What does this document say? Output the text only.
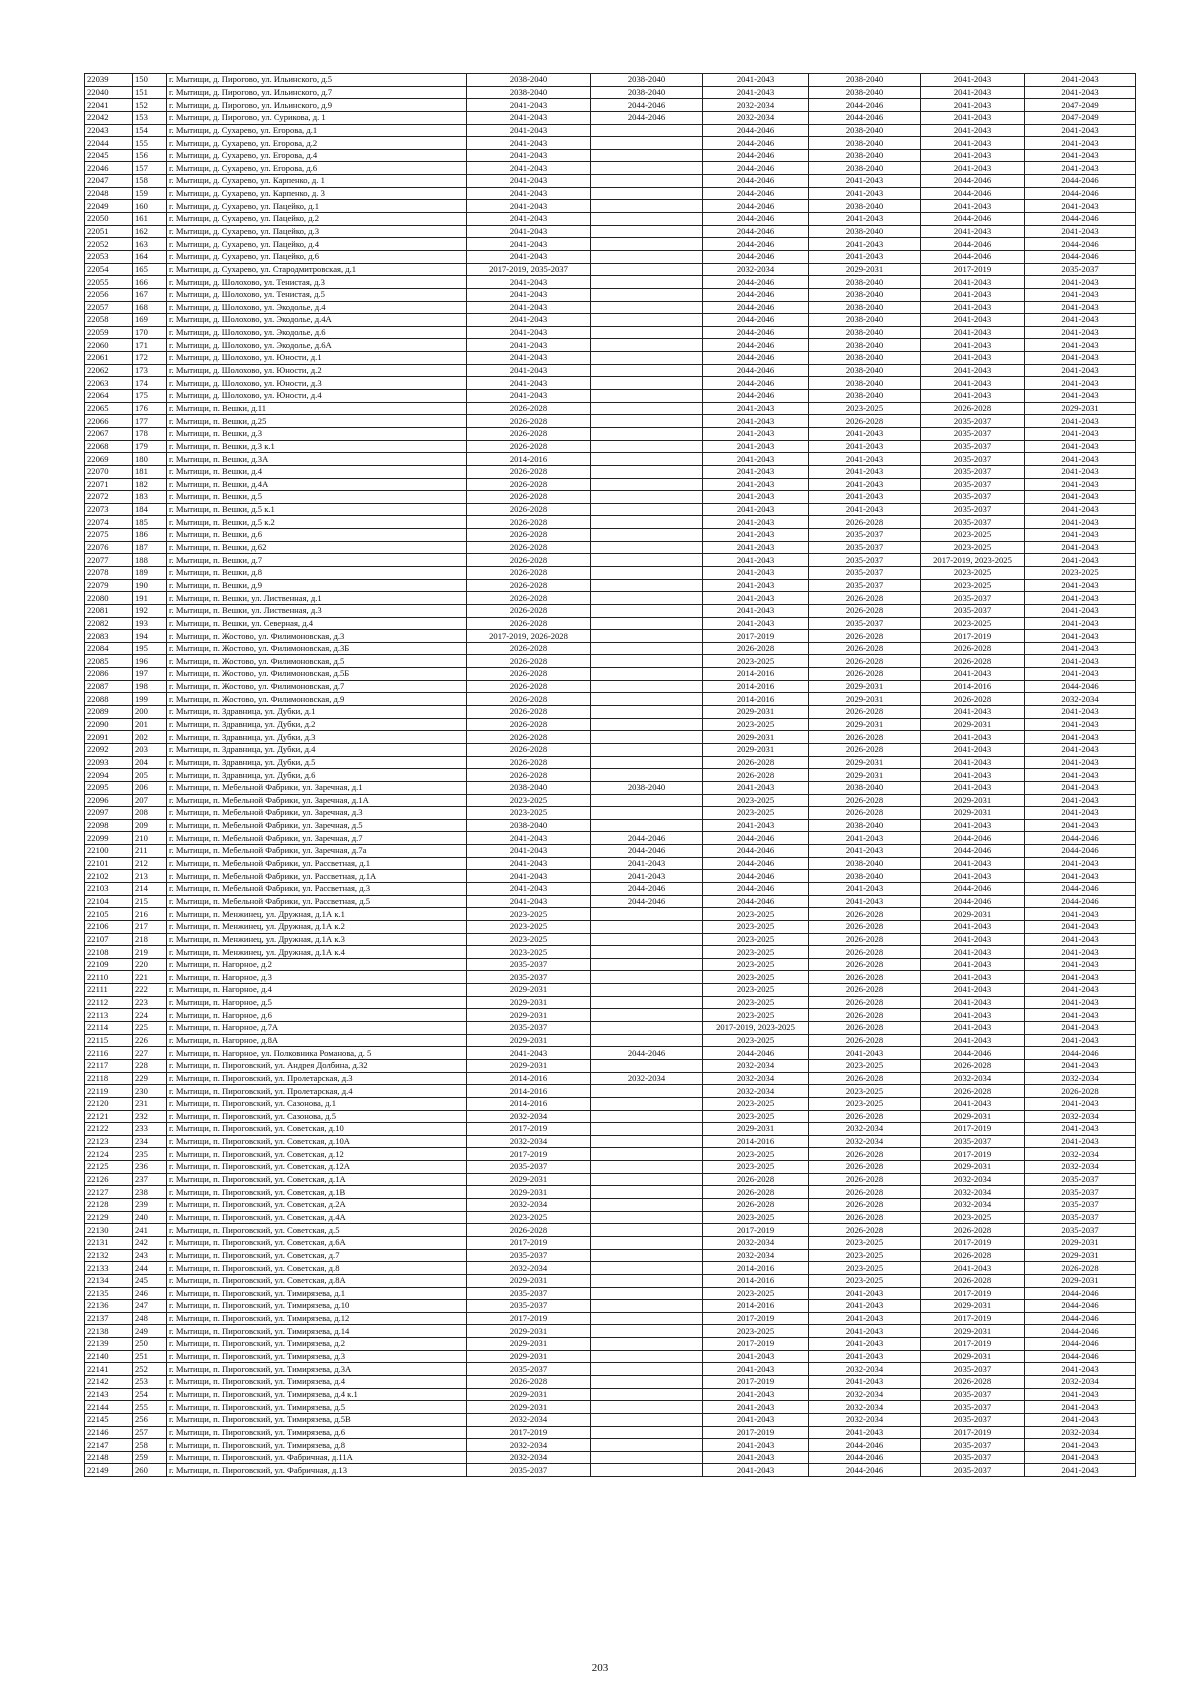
22039	150	г. Мытищи, д. Пирогово, ул. Ильинского, д.5	2038-2040	2038-2040	2041-2043	2038-2040	2041-2043	2041-2043
22040	151	г. Мытищи, д. Пирогово, ул. Ильинского, д.7	2038-2040	2038-2040	2041-2043	2038-2040	2041-2043	2041-2043
22041	152	г. Мытищи, д. Пирогово, ул. Ильинского, д.9	2041-2043	2044-2046	2032-2034	2044-2046	2041-2043	2047-2049
22042	153	г. Мытищи, д. Пирогово, ул. Сурикова, д. 1	2041-2043	2044-2046	2032-2034	2044-2046	2041-2043	2047-2049
22043	154	г. Мытищи, д. Сухарево, ул. Егорова, д.1	2041-2043		2044-2046	2038-2040	2041-2043	2041-2043
22044	155	г. Мытищи, д. Сухарево, ул. Егорова, д.2	2041-2043		2044-2046	2038-2040	2041-2043	2041-2043
22045	156	г. Мытищи, д. Сухарево, ул. Егорова, д.4	2041-2043		2044-2046	2038-2040	2041-2043	2041-2043
22046	157	г. Мытищи, д. Сухарево, ул. Егорова, д.6	2041-2043		2044-2046	2038-2040	2041-2043	2041-2043
22047	158	г. Мытищи, д. Сухарево, ул. Карпенко, д. 1	2041-2043		2044-2046	2041-2043	2044-2046	2044-2046
22048	159	г. Мытищи, д. Сухарево, ул. Карпенко, д. 3	2041-2043		2044-2046	2041-2043	2044-2046	2044-2046
22049	160	г. Мытищи, д. Сухарево, ул. Пацейко, д.1	2041-2043		2044-2046	2038-2040	2041-2043	2041-2043
22050	161	г. Мытищи, д. Сухарево, ул. Пацейко, д.2	2041-2043		2044-2046	2041-2043	2044-2046	2044-2046
22051	162	г. Мытищи, д. Сухарево, ул. Пацейко, д.3	2041-2043		2044-2046	2038-2040	2041-2043	2041-2043
22052	163	г. Мытищи, д. Сухарево, ул. Пацейко, д.4	2041-2043		2044-2046	2041-2043	2044-2046	2044-2046
22053	164	г. Мытищи, д. Сухарево, ул. Пацейко, д.6	2041-2043		2044-2046	2041-2043	2044-2046	2044-2046
22054	165	г. Мытищи, д. Сухарево, ул. Стародмитровская, д.1	2017-2019, 2035-2037		2032-2034	2029-2031	2017-2019	2035-2037
22055	166	г. Мытищи, д. Шолохово, ул. Тенистая, д.3	2041-2043		2044-2046	2038-2040	2041-2043	2041-2043
22056	167	г. Мытищи, д. Шолохово, ул. Тенистая, д.5	2041-2043		2044-2046	2038-2040	2041-2043	2041-2043
22057	168	г. Мытищи, д. Шолохово, ул. Экодолье, д.4	2041-2043		2044-2046	2038-2040	2041-2043	2041-2043
22058	169	г. Мытищи, д. Шолохово, ул. Экодолье, д.4А	2041-2043		2044-2046	2038-2040	2041-2043	2041-2043
22059	170	г. Мытищи, д. Шолохово, ул. Экодолье, д.6	2041-2043		2044-2046	2038-2040	2041-2043	2041-2043
22060	171	г. Мытищи, д. Шолохово, ул. Экодолье, д.6А	2041-2043		2044-2046	2038-2040	2041-2043	2041-2043
22061	172	г. Мытищи, д. Шолохово, ул. Юности, д.1	2041-2043		2044-2046	2038-2040	2041-2043	2041-2043
22062	173	г. Мытищи, д. Шолохово, ул. Юности, д.2	2041-2043		2044-2046	2038-2040	2041-2043	2041-2043
22063	174	г. Мытищи, д. Шолохово, ул. Юности, д.3	2041-2043		2044-2046	2038-2040	2041-2043	2041-2043
22064	175	г. Мытищи, д. Шолохово, ул. Юности, д.4	2041-2043		2044-2046	2038-2040	2041-2043	2041-2043
22065	176	г. Мытищи, п. Вешки, д.11	2026-2028		2041-2043	2023-2025	2026-2028	2029-2031
22066	177	г. Мытищи, п. Вешки, д.25	2026-2028		2041-2043	2026-2028	2035-2037	2041-2043
22067	178	г. Мытищи, п. Вешки, д.3	2026-2028		2041-2043	2041-2043	2035-2037	2041-2043
22068	179	г. Мытищи, п. Вешки, д.3 к.1	2026-2028		2041-2043	2041-2043	2035-2037	2041-2043
22069	180	г. Мытищи, п. Вешки, д.3А	2014-2016		2041-2043	2041-2043	2035-2037	2041-2043
22070	181	г. Мытищи, п. Вешки, д.4	2026-2028		2041-2043	2041-2043	2035-2037	2041-2043
22071	182	г. Мытищи, п. Вешки, д.4А	2026-2028		2041-2043	2041-2043	2035-2037	2041-2043
22072	183	г. Мытищи, п. Вешки, д.5	2026-2028		2041-2043	2041-2043	2035-2037	2041-2043
22073	184	г. Мытищи, п. Вешки, д.5 к.1	2026-2028		2041-2043	2041-2043	2035-2037	2041-2043
22074	185	г. Мытищи, п. Вешки, д.5 к.2	2026-2028		2041-2043	2026-2028	2035-2037	2041-2043
22075	186	г. Мытищи, п. Вешки, д.6	2026-2028		2041-2043	2035-2037	2023-2025	2041-2043
22076	187	г. Мытищи, п. Вешки, д.62	2026-2028		2041-2043	2035-2037	2023-2025	2041-2043
22077	188	г. Мытищи, п. Вешки, д.7	2026-2028		2041-2043	2035-2037	2017-2019, 2023-2025	2041-2043
22078	189	г. Мытищи, п. Вешки, д.8	2026-2028		2041-2043	2035-2037	2023-2025	2023-2025
22079	190	г. Мытищи, п. Вешки, д.9	2026-2028		2041-2043	2035-2037	2023-2025	2041-2043
22080	191	г. Мытищи, п. Вешки, ул. Лиственная, д.1	2026-2028		2041-2043	2026-2028	2035-2037	2041-2043
22081	192	г. Мытищи, п. Вешки, ул. Лиственная, д.3	2026-2028		2041-2043	2026-2028	2035-2037	2041-2043
22082	193	г. Мытищи, п. Вешки, ул. Северная, д.4	2026-2028		2041-2043	2035-2037	2023-2025	2041-2043
22083	194	г. Мытищи, п. Жостово, ул. Филимоновская, д.3	2017-2019, 2026-2028		2017-2019	2026-2028	2017-2019	2041-2043
22084	195	г. Мытищи, п. Жостово, ул. Филимоновская, д.3Б	2026-2028		2026-2028	2026-2028	2026-2028	2041-2043
22085	196	г. Мытищи, п. Жостово, ул. Филимоновская, д.5	2026-2028		2023-2025	2026-2028	2026-2028	2041-2043
22086	197	г. Мытищи, п. Жостово, ул. Филимоновская, д.5Б	2026-2028		2014-2016	2026-2028	2041-2043	2041-2043
22087	198	г. Мытищи, п. Жостово, ул. Филимоновская, д.7	2026-2028		2014-2016	2029-2031	2014-2016	2044-2046
22088	199	г. Мытищи, п. Жостово, ул. Филимоновская, д.9	2026-2028		2014-2016	2029-2031	2026-2028	2032-2034
22089	200	г. Мытищи, п. Здравница, ул. Дубки, д.1	2026-2028		2029-2031	2026-2028	2041-2043	2041-2043
22090	201	г. Мытищи, п. Здравница, ул. Дубки, д.2	2026-2028		2023-2025	2029-2031	2029-2031	2041-2043
22091	202	г. Мытищи, п. Здравница, ул. Дубки, д.3	2026-2028		2029-2031	2026-2028	2041-2043	2041-2043
22092	203	г. Мытищи, п. Здравница, ул. Дубки, д.4	2026-2028		2029-2031	2026-2028	2041-2043	2041-2043
22093	204	г. Мытищи, п. Здравница, ул. Дубки, д.5	2026-2028		2026-2028	2029-2031	2041-2043	2041-2043
22094	205	г. Мытищи, п. Здравница, ул. Дубки, д.6	2026-2028		2026-2028	2029-2031	2041-2043	2041-2043
22095	206	г. Мытищи, п. Мебельной Фабрики, ул. Заречная, д.1	2038-2040	2038-2040	2041-2043	2038-2040	2041-2043	2041-2043
22096	207	г. Мытищи, п. Мебельной Фабрики, ул. Заречная, д.1А	2023-2025		2023-2025	2026-2028	2029-2031	2041-2043
22097	208	г. Мытищи, п. Мебельной Фабрики, ул. Заречная, д.3	2023-2025		2023-2025	2026-2028	2029-2031	2041-2043
22098	209	г. Мытищи, п. Мебельной Фабрики, ул. Заречная, д.5	2038-2040		2041-2043	2038-2040	2041-2043	2041-2043
22099	210	г. Мытищи, п. Мебельной Фабрики, ул. Заречная, д.7	2041-2043	2044-2046	2044-2046	2041-2043	2044-2046	2044-2046
22100	211	г. Мытищи, п. Мебельной Фабрики, ул. Заречная, д.7а	2041-2043	2044-2046	2044-2046	2041-2043	2044-2046	2044-2046
22101	212	г. Мытищи, п. Мебельной Фабрики, ул. Рассветная, д.1	2041-2043	2041-2043	2044-2046	2038-2040	2041-2043	2041-2043
22102	213	г. Мытищи, п. Мебельной Фабрики, ул. Рассветная, д.1А	2041-2043	2041-2043	2044-2046	2038-2040	2041-2043	2041-2043
22103	214	г. Мытищи, п. Мебельной Фабрики, ул. Рассветная, д.3	2041-2043	2044-2046	2044-2046	2041-2043	2044-2046	2044-2046
22104	215	г. Мытищи, п. Мебельной Фабрики, ул. Рассветная, д.5	2041-2043	2044-2046	2044-2046	2041-2043	2044-2046	2044-2046
22105	216	г. Мытищи, п. Менжинец, ул. Дружная, д.1А к.1	2023-2025		2023-2025	2026-2028	2029-2031	2041-2043
22106	217	г. Мытищи, п. Менжинец, ул. Дружная, д.1А к.2	2023-2025		2023-2025	2026-2028	2041-2043	2041-2043
22107	218	г. Мытищи, п. Менжинец, ул. Дружная, д.1А к.3	2023-2025		2023-2025	2026-2028	2041-2043	2041-2043
22108	219	г. Мытищи, п. Менжинец, ул. Дружная, д.1А к.4	2023-2025		2023-2025	2026-2028	2041-2043	2041-2043
22109	220	г. Мытищи, п. Нагорное, д.2	2035-2037		2023-2025	2026-2028	2041-2043	2041-2043
22110	221	г. Мытищи, п. Нагорное, д.3	2035-2037		2023-2025	2026-2028	2041-2043	2041-2043
22111	222	г. Мытищи, п. Нагорное, д.4	2029-2031		2023-2025	2026-2028	2041-2043	2041-2043
22112	223	г. Мытищи, п. Нагорное, д.5	2029-2031		2023-2025	2026-2028	2041-2043	2041-2043
22113	224	г. Мытищи, п. Нагорное, д.6	2029-2031		2023-2025	2026-2028	2041-2043	2041-2043
22114	225	г. Мытищи, п. Нагорное, д.7А	2035-2037		2017-2019, 2023-2025	2026-2028	2041-2043	2041-2043
22115	226	г. Мытищи, п. Нагорное, д.8А	2029-2031		2023-2025	2026-2028	2041-2043	2041-2043
22116	227	г. Мытищи, п. Нагорное, ул. Полковника Романова, д. 5	2041-2043	2044-2046	2044-2046	2041-2043	2044-2046	2044-2046
22117	228	г. Мытищи, п. Пироговский, ул. Андрея Долбина, д.32	2029-2031		2032-2034	2023-2025	2026-2028	2041-2043
22118	229	г. Мытищи, п. Пироговский, ул. Пролетарская, д.3	2014-2016	2032-2034	2032-2034	2026-2028	2032-2034	2032-2034
22119	230	г. Мытищи, п. Пироговский, ул. Пролетарская, д.4	2014-2016		2032-2034	2023-2025	2026-2028	2026-2028
22120	231	г. Мытищи, п. Пироговский, ул. Сазонова, д.1	2014-2016		2023-2025	2023-2025	2041-2043	2041-2043
22121	232	г. Мытищи, п. Пироговский, ул. Сазонова, д.5	2032-2034		2023-2025	2026-2028	2029-2031	2032-2034
22122	233	г. Мытищи, п. Пироговский, ул. Советская, д.10	2017-2019		2029-2031	2032-2034	2017-2019	2041-2043
22123	234	г. Мытищи, п. Пироговский, ул. Советская, д.10А	2032-2034		2014-2016	2032-2034	2035-2037	2041-2043
22124	235	г. Мытищи, п. Пироговский, ул. Советская, д.12	2017-2019		2023-2025	2026-2028	2017-2019	2032-2034
22125	236	г. Мытищи, п. Пироговский, ул. Советская, д.12А	2035-2037		2023-2025	2026-2028	2029-2031	2032-2034
22126	237	г. Мытищи, п. Пироговский, ул. Советская, д.1А	2029-2031		2026-2028	2026-2028	2032-2034	2035-2037
22127	238	г. Мытищи, п. Пироговский, ул. Советская, д.1В	2029-2031		2026-2028	2026-2028	2032-2034	2035-2037
22128	239	г. Мытищи, п. Пироговский, ул. Советская, д.2А	2032-2034		2026-2028	2026-2028	2032-2034	2035-2037
22129	240	г. Мытищи, п. Пироговский, ул. Советская, д.4А	2023-2025		2023-2025	2026-2028	2023-2025	2035-2037
22130	241	г. Мытищи, п. Пироговский, ул. Советская, д.5	2026-2028		2017-2019	2026-2028	2026-2028	2035-2037
22131	242	г. Мытищи, п. Пироговский, ул. Советская, д.6А	2017-2019		2032-2034	2023-2025	2017-2019	2029-2031
22132	243	г. Мытищи, п. Пироговский, ул. Советская, д.7	2035-2037		2032-2034	2023-2025	2026-2028	2029-2031
22133	244	г. Мытищи, п. Пироговский, ул. Советская, д.8	2032-2034		2014-2016	2023-2025	2041-2043	2026-2028
22134	245	г. Мытищи, п. Пироговский, ул. Советская, д.8А	2029-2031		2014-2016	2023-2025	2026-2028	2029-2031
22135	246	г. Мытищи, п. Пироговский, ул. Тимирязева, д.1	2035-2037		2023-2025	2041-2043	2017-2019	2044-2046
22136	247	г. Мытищи, п. Пироговский, ул. Тимирязева, д.10	2035-2037		2014-2016	2041-2043	2029-2031	2044-2046
22137	248	г. Мытищи, п. Пироговский, ул. Тимирязева, д.12	2017-2019		2017-2019	2041-2043	2017-2019	2044-2046
22138	249	г. Мытищи, п. Пироговский, ул. Тимирязева, д.14	2029-2031		2023-2025	2041-2043	2029-2031	2044-2046
22139	250	г. Мытищи, п. Пироговский, ул. Тимирязева, д.2	2029-2031		2017-2019	2041-2043	2017-2019	2044-2046
22140	251	г. Мытищи, п. Пироговский, ул. Тимирязева, д.3	2029-2031		2041-2043	2041-2043	2029-2031	2044-2046
22141	252	г. Мытищи, п. Пироговский, ул. Тимирязева, д.3А	2035-2037		2041-2043	2032-2034	2035-2037	2041-2043
22142	253	г. Мытищи, п. Пироговский, ул. Тимирязева, д.4	2026-2028		2017-2019	2041-2043	2026-2028	2032-2034
22143	254	г. Мытищи, п. Пироговский, ул. Тимирязева, д.4 к.1	2029-2031		2041-2043	2032-2034	2035-2037	2041-2043
22144	255	г. Мытищи, п. Пироговский, ул. Тимирязева, д.5	2029-2031		2041-2043	2032-2034	2035-2037	2041-2043
22145	256	г. Мытищи, п. Пироговский, ул. Тимирязева, д.5В	2032-2034		2041-2043	2032-2034	2035-2037	2041-2043
22146	257	г. Мытищи, п. Пироговский, ул. Тимирязева, д.6	2017-2019		2017-2019	2041-2043	2017-2019	2032-2034
22147	258	г. Мытищи, п. Пироговский, ул. Тимирязева, д.8	2032-2034		2041-2043	2044-2046	2035-2037	2041-2043
22148	259	г. Мытищи, п. Пироговский, ул. Фабричная, д.11А	2032-2034		2041-2043	2044-2046	2035-2037	2041-2043
22149	260	г. Мытищи, п. Пироговский, ул. Фабричная, д.13	2035-2037		2041-2043	2044-2046	2035-2037	2041-2043
203
